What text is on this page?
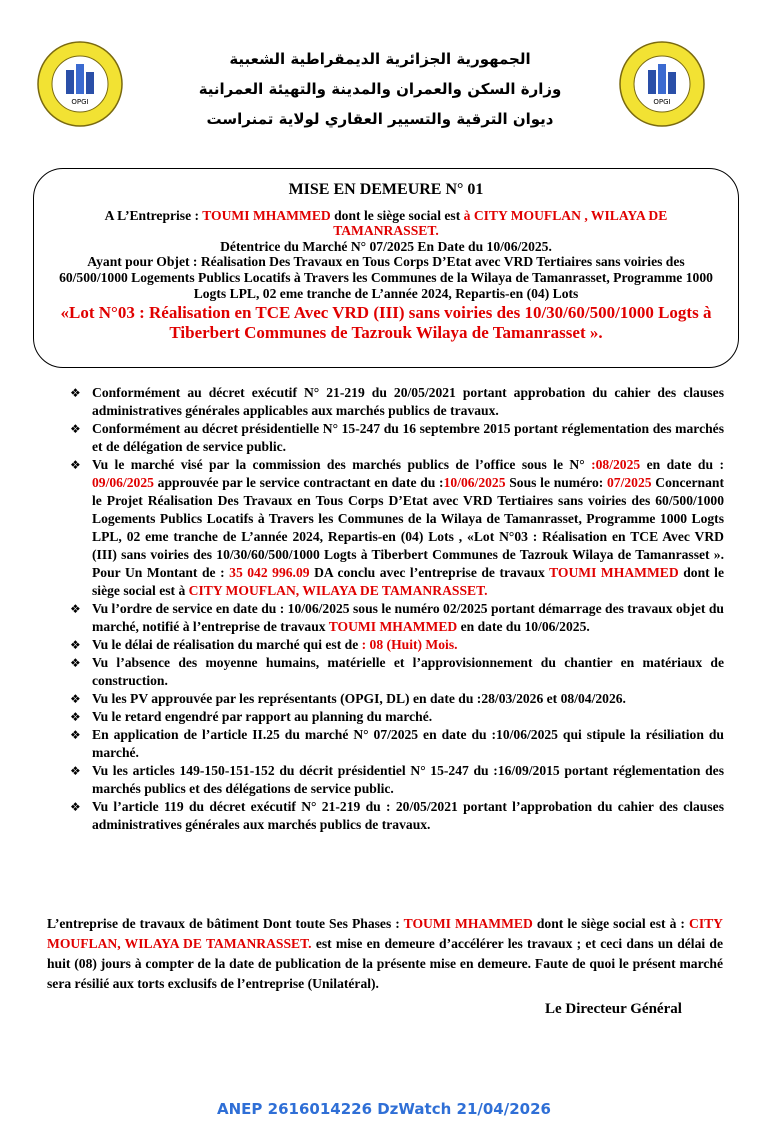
OPGI	OPGI
الجمهورية الجزائرية الديمقراطية الشعبية
وزارة السكن والعمران والمدينة والتهيئة العمرانية
ديوان الترقية والتسيير العقاري لولاية تمنراست
MISE EN DEMEURE N° 01

A L’Entreprise : TOUMI MHAMMED dont le siège social est à CITY MOUFLAN , WILAYA DE TAMANRASSET.

Détentrice du Marché N° 07/2025 En Date du 10/06/2025.

Ayant pour Objet : Réalisation Des Travaux en Tous Corps D’Etat avec VRD Tertiaires sans voiries des 60/500/1000 Logements Publics Locatifs à Travers les Communes de la Wilaya de Tamanrasset, Programme 1000 Logts LPL, 02 eme tranche de L’année 2024, Repartis-en (04) Lots

«Lot N°03 : Réalisation en TCE Avec VRD (III) sans voiries des 10/30/60/500/1000 Logts à Tiberbert Communes de Tazrouk Wilaya de Tamanrasset ».

❖ Conformément au décret exécutif N° 21-219 du 20/05/2021 portant approbation du cahier des clauses administratives générales applicables aux marchés publics de travaux.
❖ Conformément au décret présidentielle N° 15-247 du 16 septembre 2015 portant réglementation des marchés et de délégation de service public.
❖ Vu le marché visé par la commission des marchés publics de l’office sous le N° :08/2025 en date du : 09/06/2025 approuvée par le service contractant en date du :10/06/2025 Sous le numéro: 07/2025 Concernant le Projet Réalisation Des Travaux en Tous Corps D’Etat avec VRD Tertiaires sans voiries des 60/500/1000 Logements Publics Locatifs à Travers les Communes de la Wilaya de Tamanrasset, Programme 1000 Logts LPL, 02 eme tranche de L’année 2024, Repartis-en (04) Lots , «Lot N°03 : Réalisation en TCE Avec VRD (III) sans voiries des 10/30/60/500/1000 Logts à Tiberbert Communes de Tazrouk Wilaya de Tamanrasset ». Pour Un Montant de : 35 042 996.09 DA conclu avec l’entreprise de travaux TOUMI MHAMMED dont le siège social est à CITY MOUFLAN, WILAYA DE TAMANRASSET.
❖ Vu l’ordre de service en date du : 10/06/2025 sous le numéro 02/2025 portant démarrage des travaux objet du marché, notifié à l’entreprise de travaux TOUMI MHAMMED en date du 10/06/2025.
❖ Vu le délai de réalisation du marché qui est de : 08 (Huit) Mois.
❖ Vu l’absence des moyenne humains, matérielle et l’approvisionnement du chantier en matériaux de construction.
❖ Vu les PV approuvée par les représentants (OPGI, DL) en date du :28/03/2026 et 08/04/2026.
❖ Vu le retard engendré par rapport au planning du marché.
❖ En application de l’article II.25 du marché N° 07/2025 en date du :10/06/2025 qui stipule la résiliation du marché.
❖ Vu les articles 149-150-151-152 du décrit présidentiel N° 15-247 du :16/09/2015 portant réglementation des marchés publics et des délégations de service public.
❖ Vu l’article 119 du décret exécutif N° 21-219 du : 20/05/2021 portant l’approbation du cahier des clauses administratives générales aux marchés publics de travaux.

L’entreprise de travaux de bâtiment Dont toute Ses Phases : TOUMI MHAMMED dont le siège social est à : CITY MOUFLAN, WILAYA DE TAMANRASSET. est mise en demeure d’accélérer les travaux ; et ceci dans un délai de huit (08) jours à compter de la date de publication de la présente mise en demeure. Faute de quoi le présent marché sera résilié aux torts exclusifs de l’entreprise (Unilatéral).

Le Directeur Général
ANEP 2616014226 DzWatch 21/04/2026
